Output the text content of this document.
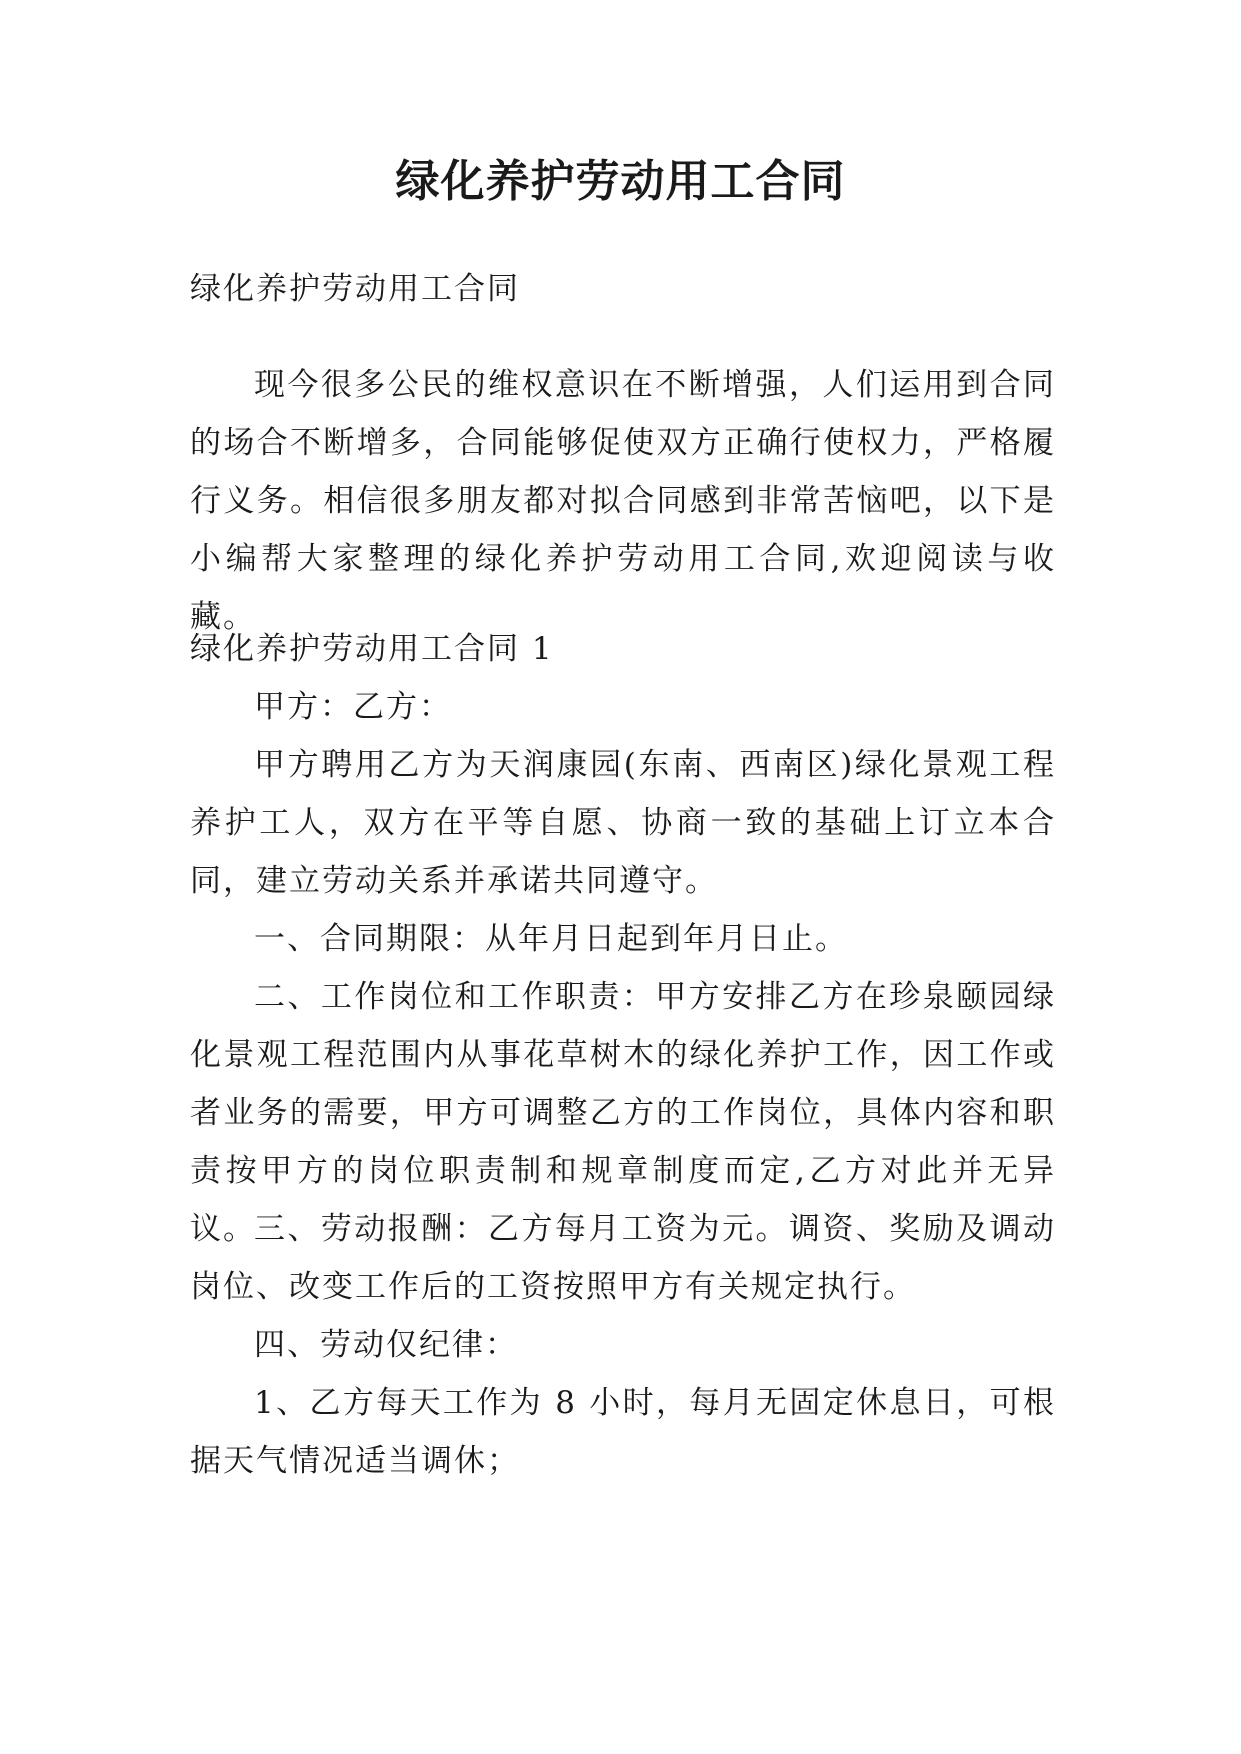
绿化养护劳动用工合同

绿化养护劳动用工合同

现今很多公民的维权意识在不断增强，人们运用到合同的场合不断增多，合同能够促使双方正确行使权力，严格履行义务。相信很多朋友都对拟合同感到非常苦恼吧，以下是小编帮大家整理的绿化养护劳动用工合同,欢迎阅读与收藏。

绿化养护劳动用工合同 1

甲方：乙方：

甲方聘用乙方为天润康园(东南、西南区)绿化景观工程养护工人，双方在平等自愿、协商一致的基础上订立本合同，建立劳动关系并承诺共同遵守。

一、合同期限：从年月日起到年月日止。

二、工作岗位和工作职责：甲方安排乙方在珍泉颐园绿化景观工程范围内从事花草树木的绿化养护工作，因工作或者业务的需要，甲方可调整乙方的工作岗位，具体内容和职责按甲方的岗位职责制和规章制度而定,乙方对此并无异议。

三、劳动报酬：乙方每月工资为元。调资、奖励及调动岗位、改变工作后的工资按照甲方有关规定执行。

四、劳动仅纪律：

1、乙方每天工作为 8 小时，每月无固定休息日，可根据天气情况适当调休；
